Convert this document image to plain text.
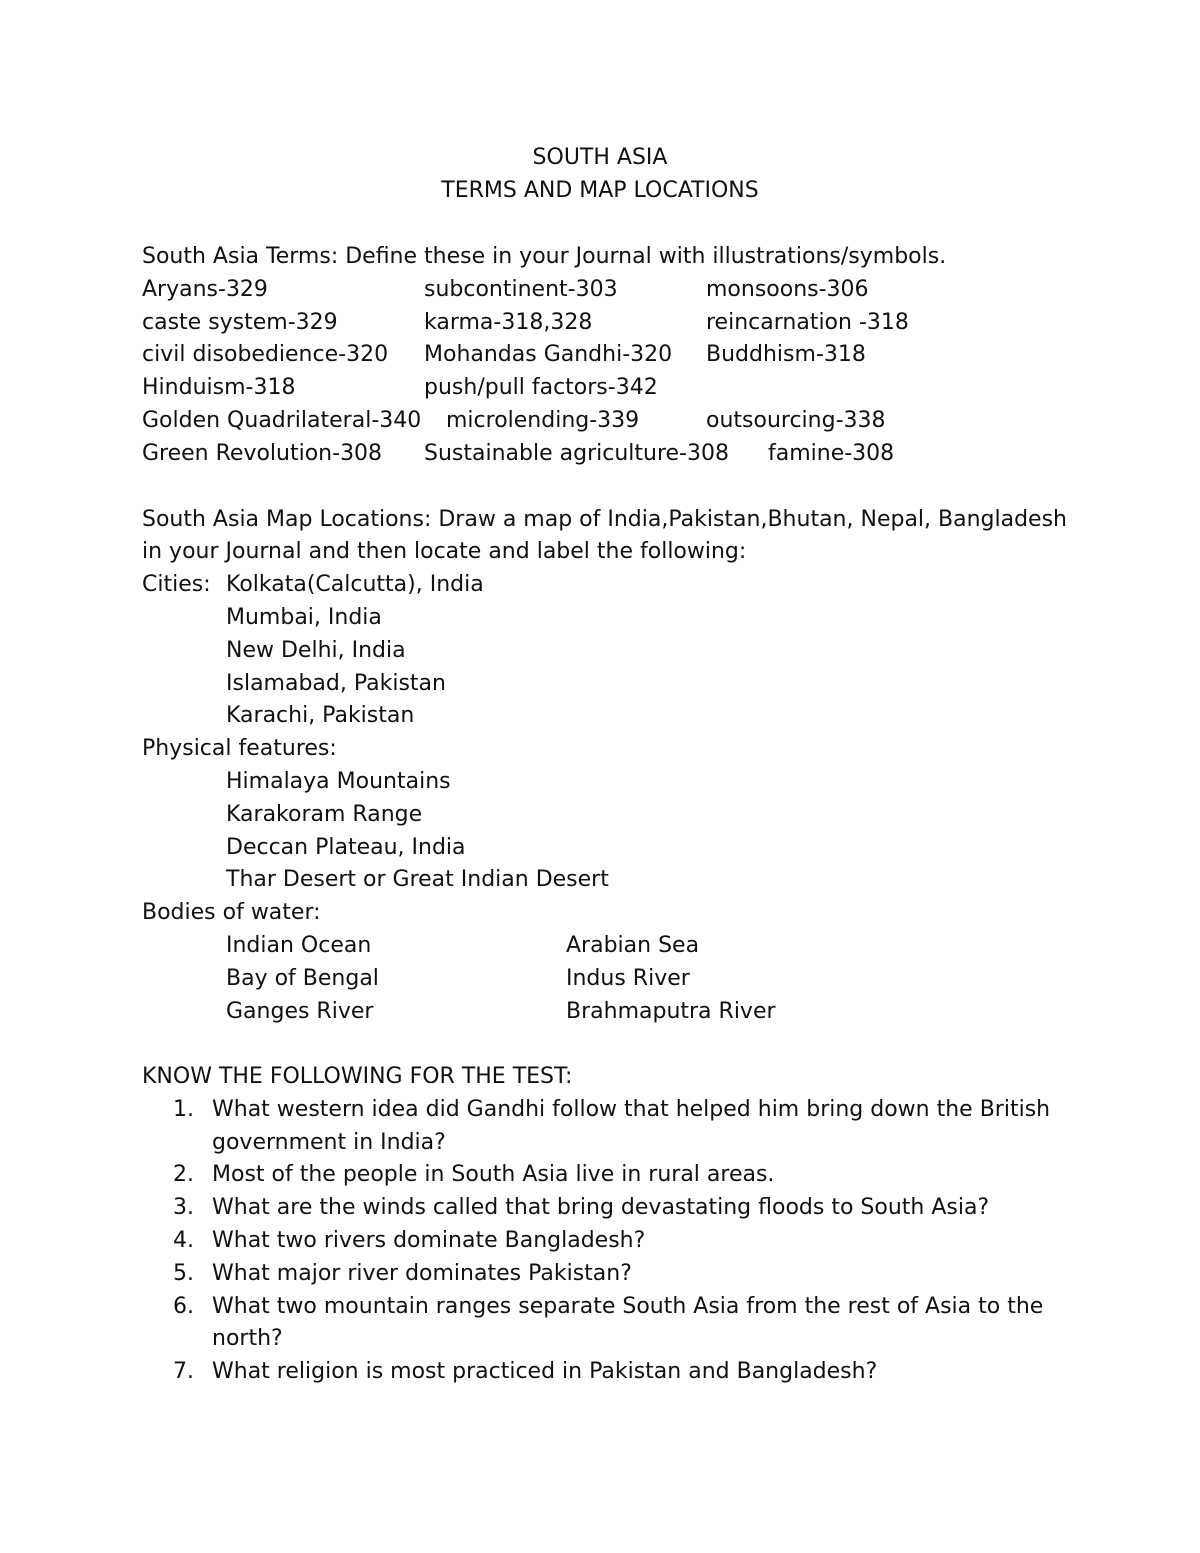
SOUTH ASIA
TERMS AND MAP LOCATIONS
South Asia Terms: Define these in your Journal with illustrations/symbols.
Aryans-329	subcontinent-303	monsoons-306
caste system-329	karma-318,328	reincarnation -318
civil disobedience-320 Mohandas Gandhi-320 Buddhism-318
Hinduism-318	push/pull factors-342
Golden Quadrilateral-340 microlending-339	outsourcing-338
Green Revolution-308 Sustainable agriculture-308 famine-308
South Asia Map Locations: Draw a map of India,Pakistan,Bhutan, Nepal, Bangladesh
in your Journal and then locate and label the following:
Cities: Kolkata(Calcutta), India
Mumbai, India
New Delhi, India
Islamabad, Pakistan
Karachi, Pakistan
Physical features:
Himalaya Mountains
Karakoram Range
Deccan Plateau, India
Thar Desert or Great Indian Desert
Bodies of water:
Indian Ocean	Arabian Sea
Bay of Bengal	Indus River
Ganges River	Brahmaputra River
KNOW THE FOLLOWING FOR THE TEST:
1. What western idea did Gandhi follow that helped him bring down the British
government in India?
2. Most of the people in South Asia live in rural areas.
3. What are the winds called that bring devastating floods to South Asia?
4. What two rivers dominate Bangladesh?
5. What major river dominates Pakistan?
6. What two mountain ranges separate South Asia from the rest of Asia to the
north?
7. What religion is most practiced in Pakistan and Bangladesh?
